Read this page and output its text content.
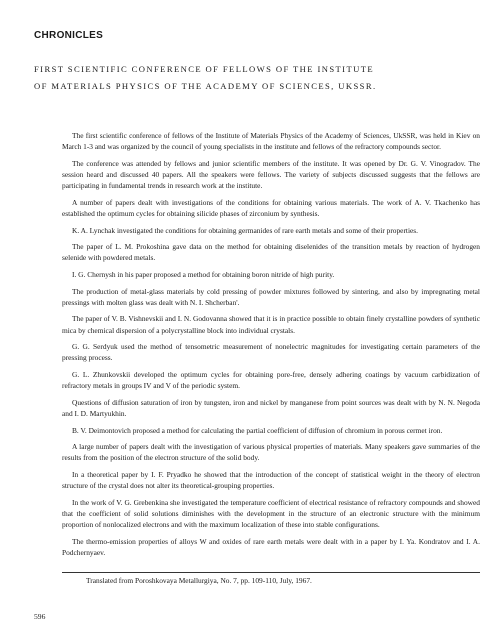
CHRONICLES
FIRST SCIENTIFIC CONFERENCE OF FELLOWS OF THE INSTITUTE
OF MATERIALS PHYSICS OF THE ACADEMY OF SCIENCES, UKSSR.

The first scientific conference of fellows of the Institute of Materials Physics of the Academy of Sciences, UkSSR, was held in Kiev on March 1-3 and was organized by the council of young specialists in the institute and fellows of the refractory compounds sector.

The conference was attended by fellows and junior scientific members of the institute. It was opened by Dr. G. V. Vinogradov. The session heard and discussed 40 papers. All the speakers were fellows. The variety of subjects discussed suggests that the fellows are participating in fundamental trends in research work at the institute.

A number of papers dealt with investigations of the conditions for obtaining various materials. The work of A. V. Tkachenko has established the optimum cycles for obtaining silicide phases of zirconium by synthesis.

K. A. Lynchak investigated the conditions for obtaining germanides of rare earth metals and some of their properties.

The paper of L. M. Prokoshina gave data on the method for obtaining diselenides of the transition metals by reaction of hydrogen selenide with powdered metals.

I. G. Chernysh in his paper proposed a method for obtaining boron nitride of high purity.

The production of metal-glass materials by cold pressing of powder mixtures followed by sintering, and also by impregnating metal pressings with molten glass was dealt with N. I. Shcherban'.

The paper of V. B. Vishnevskii and I. N. Godovanna showed that it is in practice possible to obtain finely crystalline powders of synthetic mica by chemical dispersion of a polycrystalline block into individual crystals.

G. G. Serdyuk used the method of tensometric measurement of nonelectric magnitudes for investigating certain parameters of the pressing process.

G. L. Zhunkovskii developed the optimum cycles for obtaining pore-free, densely adhering coatings by vacuum carbidization of refractory metals in groups IV and V of the periodic system.

Questions of diffusion saturation of iron by tungsten, iron and nickel by manganese from point sources was dealt with by N. N. Negoda and I. D. Martyukhin.

B. V. Deimontovich proposed a method for calculating the partial coefficient of diffusion of chromium in porous cermet iron.

A large number of papers dealt with the investigation of various physical properties of materials. Many speakers gave summaries of the results from the position of the electron structure of the solid body.

In a theoretical paper by I. F. Pryadko he showed that the introduction of the concept of statistical weight in the theory of electron structure of the crystal does not alter its theoretical-grouping properties.

In the work of V. G. Grebenkina she investigated the temperature coefficient of electrical resistance of refractory compounds and showed that the coefficient of solid solutions diminishes with the development in the structure of an electronic structure with the minimum proportion of nonlocalized electrons and with the maximum localization of these into stable configurations.

The thermo-emission properties of alloys W and oxides of rare earth metals were dealt with in a paper by I. Ya. Kondratov and I. A. Podchernyaev.

Translated from Poroshkovaya Metallurgiya, No. 7, pp. 109-110, July, 1967.
596
